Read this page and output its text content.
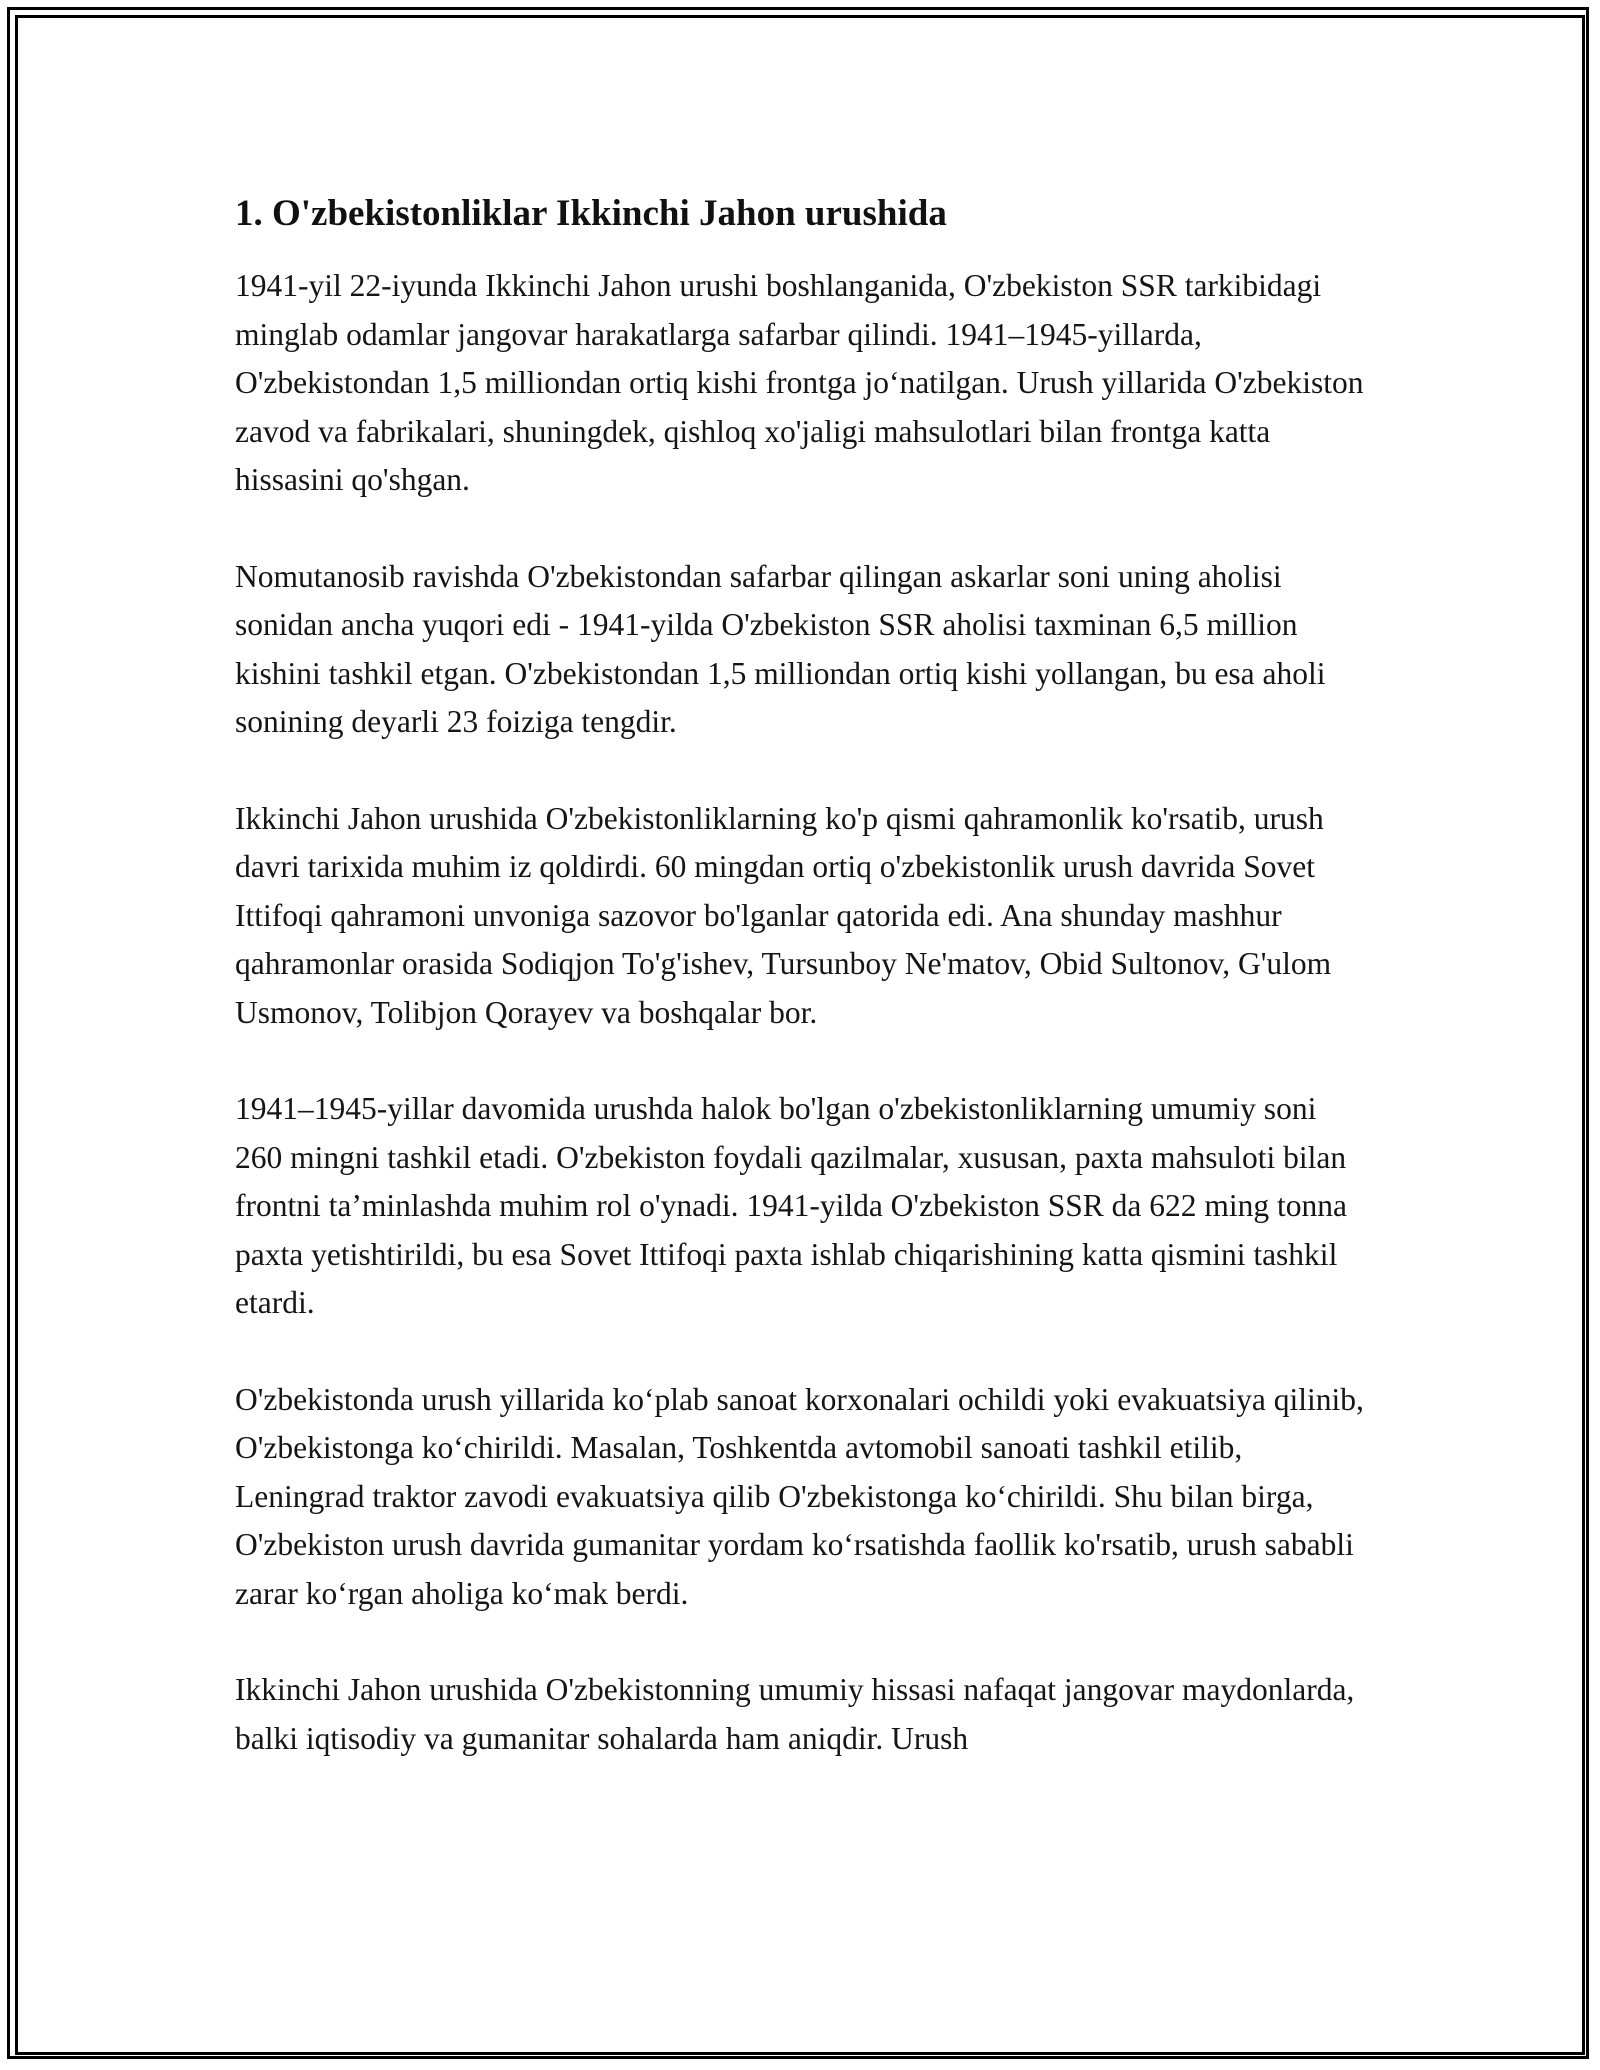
1. O'zbekistonliklar Ikkinchi Jahon urushida

1941-yil 22-iyunda Ikkinchi Jahon urushi boshlanganida, O'zbekiston SSR tarkibidagi minglab odamlar jangovar harakatlarga safarbar qilindi. 1941–1945-yillarda, O'zbekistondan 1,5 milliondan ortiq kishi frontga jo‘natilgan. Urush yillarida O'zbekiston zavod va fabrikalari, shuningdek, qishloq xo'jaligi mahsulotlari bilan frontga katta hissasini qo'shgan.

Nomutanosib ravishda O'zbekistondan safarbar qilingan askarlar soni uning aholisi sonidan ancha yuqori edi - 1941-yilda O'zbekiston SSR aholisi taxminan 6,5 million kishini tashkil etgan. O'zbekistondan 1,5 milliondan ortiq kishi yollangan, bu esa aholi sonining deyarli 23 foiziga tengdir.

Ikkinchi Jahon urushida O'zbekistonliklarning ko'p qismi qahramonlik ko'rsatib, urush davri tarixida muhim iz qoldirdi. 60 mingdan ortiq o'zbekistonlik urush davrida Sovet Ittifoqi qahramoni unvoniga sazovor bo'lganlar qatorida edi. Ana shunday mashhur qahramonlar orasida Sodiqjon To'g'ishev, Tursunboy Ne'matov, Obid Sultonov, G'ulom Usmonov, Tolibjon Qorayev va boshqalar bor.

1941–1945-yillar davomida urushda halok bo'lgan o'zbekistonliklarning umumiy soni 260 mingni tashkil etadi. O'zbekiston foydali qazilmalar, xususan, paxta mahsuloti bilan frontni ta’minlashda muhim rol o'ynadi. 1941-yilda O'zbekiston SSR da 622 ming tonna paxta yetishtirildi, bu esa Sovet Ittifoqi paxta ishlab chiqarishining katta qismini tashkil etardi.

O'zbekistonda urush yillarida ko‘plab sanoat korxonalari ochildi yoki evakuatsiya qilinib, O'zbekistonga ko‘chirildi. Masalan, Toshkentda avtomobil sanoati tashkil etilib, Leningrad traktor zavodi evakuatsiya qilib O'zbekistonga ko‘chirildi. Shu bilan birga, O'zbekiston urush davrida gumanitar yordam ko‘rsatishda faollik ko'rsatib, urush sababli zarar ko‘rgan aholiga ko‘mak berdi.

Ikkinchi Jahon urushida O'zbekistonning umumiy hissasi nafaqat jangovar maydonlarda, balki iqtisodiy va gumanitar sohalarda ham aniqdir. Urush
